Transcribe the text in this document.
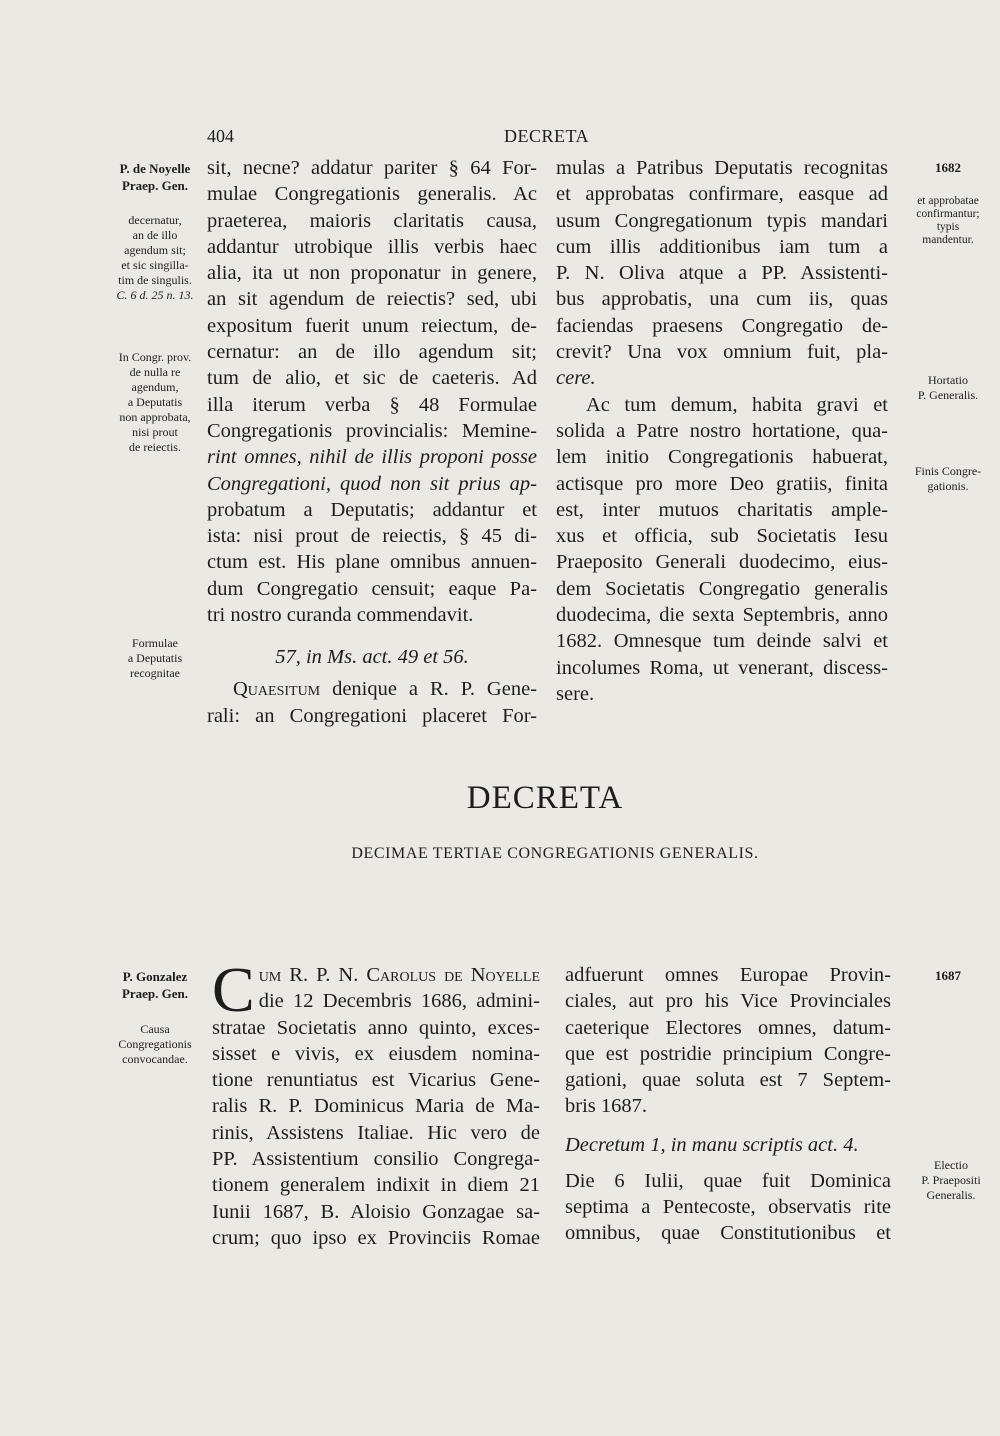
404	DECRETA
P. de Noyelle
Praep. Gen.
decernatur,
an de illo
agendum sit;
et sic singilla-
tim de singulis.
C. 6 d. 25 n. 13.
In Congr. prov.
de nulla re
agendum,
a Deputatis
non approbata,
nisi prout
de reiectis.
Formulae
a Deputatis
recognitae
1682
et approbatae
confirmantur;
typis
mandentur.
Hortatio
P. Generalis.
Finis Congre-
gationis.
sit, necne? addatur pariter § 64 For-
mulae Congregationis generalis. Ac
praeterea, maioris claritatis causa,
addantur utrobique illis verbis haec
alia, ita ut non proponatur in genere,
an sit agendum de reiectis? sed, ubi
expositum fuerit unum reiectum, de-
cernatur: an de illo agendum sit;
tum de alio, et sic de caeteris. Ad
illa iterum verba § 48 Formulae
Congregationis provincialis: Memine-
rint omnes, nihil de illis proponi posse
Congregationi, quod non sit prius ap-
probatum a Deputatis; addantur et
ista: nisi prout de reiectis, § 45 di-
ctum est. His plane omnibus annuen-
dum Congregatio censuit; eaque Pa-
tri nostro curanda commendavit.
57, in Ms. act. 49 et 56.
Quaesitum denique a R. P. Gene-
rali: an Congregationi placeret For-
mulas a Patribus Deputatis recognitas
et approbatas confirmare, easque ad
usum Congregationum typis mandari
cum illis additionibus iam tum a
P. N. Oliva atque a PP. Assistenti-
bus approbatis, una cum iis, quas
faciendas praesens Congregatio de-
crevit? Una vox omnium fuit, pla-
cere.
Ac tum demum, habita gravi et
solida a Patre nostro hortatione, qua-
lem initio Congregationis habuerat,
actisque pro more Deo gratiis, finita
est, inter mutuos charitatis ample-
xus et officia, sub Societatis Iesu
Praeposito Generali duodecimo, eius-
dem Societatis Congregatio generalis
duodecima, die sexta Septembris, anno
1682. Omnesque tum deinde salvi et
incolumes Roma, ut venerant, discess-
sere.
DECRETA
DECIMAE TERTIAE CONGREGATIONIS GENERALIS.
P. Gonzalez
Praep. Gen.
Causa
Congregationis
convocandae.
1687
Electio
P. Praepositi
Generalis.
C um R. P. N. Carolus de Noyelle
die 12 Decembris 1686, admini-
stratae Societatis anno quinto, exces-
sisset e vivis, ex eiusdem nomina-
tione renuntiatus est Vicarius Gene-
ralis R. P. Dominicus Maria de Ma-
rinis, Assistens Italiae. Hic vero de
PP. Assistentium consilio Congrega-
tionem generalem indixit in diem 21
Iunii 1687, B. Aloisio Gonzagae sa-
crum; quo ipso ex Provinciis Romae
adfuerunt omnes Europae Provin-
ciales, aut pro his Vice Provinciales
caeterique Electores omnes, datum-
que est postridie principium Congre-
gationi, quae soluta est 7 Septem-
bris 1687.
Decretum 1, in manu scriptis act. 4.
Die 6 Iulii, quae fuit Dominica
septima a Pentecoste, observatis rite
omnibus, quae Constitutionibus et
